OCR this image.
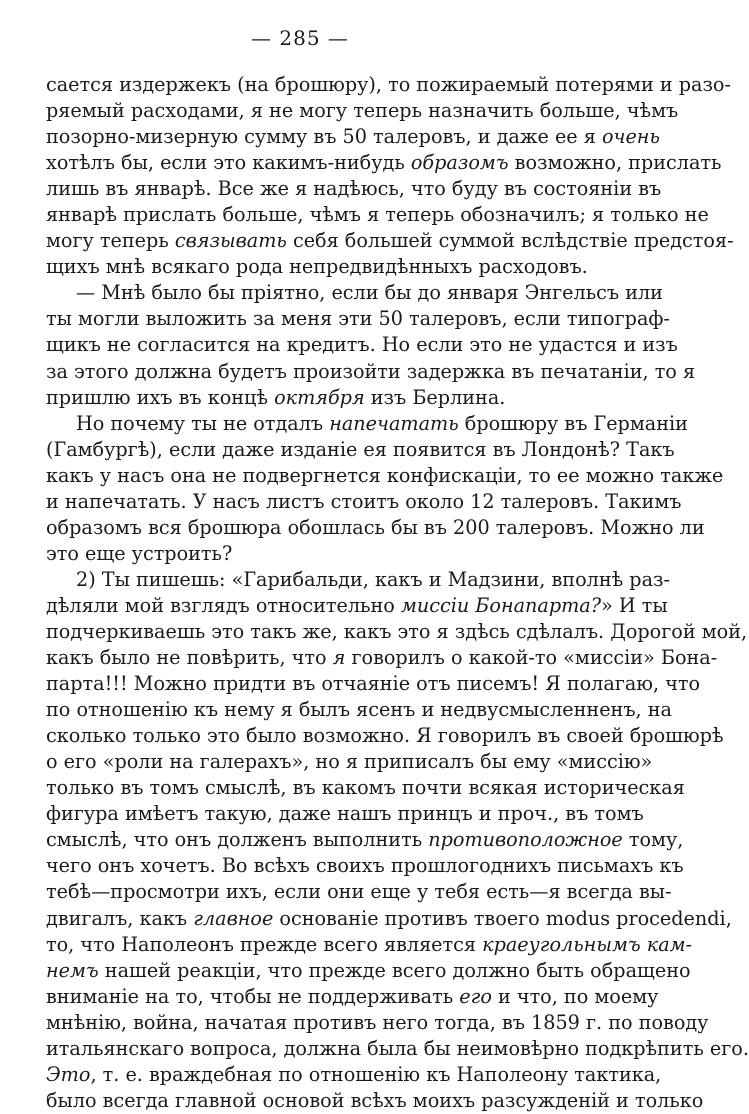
— 285 —
сается издержекъ (на брошюру), то пожираемый потерями и разо-
ряемый расходами, я не могу теперь назначить больше, чѣмъ
позорно-мизерную сумму въ 50 талеровъ, и даже ее я очень
хотѣлъ бы, если это какимъ-нибудь образомъ возможно, прислать
лишь въ январѣ. Все же я надѣюсь, что буду въ состояніи въ
январѣ прислать больше, чѣмъ я теперь обозначилъ; я только не
могу теперь связывать себя большей суммой вслѣдствіе предстоя-
щихъ мнѣ всякаго рода непредвидѣнныхъ расходовъ.
— Мнѣ было бы пріятно, если бы до января Энгельсъ или
ты могли выложить за меня эти 50 талеровъ, если типограф-
щикъ не согласится на кредитъ. Но если это не удастся и изъ
за этого должна будетъ произойти задержка въ печатаніи, то я
пришлю ихъ въ концѣ октября изъ Берлина.
Но почему ты не отдалъ напечатать брошюру въ Германіи
(Гамбургѣ), если даже изданіе ея появится въ Лондонѣ? Такъ
какъ у насъ она не подвергнется конфискаціи, то ее можно также
и напечатать. У насъ листъ стоитъ около 12 талеровъ. Такимъ
образомъ вся брошюра обошлась бы въ 200 талеровъ. Можно ли
это еще устроить?
2) Ты пишешь: «Гарибальди, какъ и Мадзини, вполнѣ раз-
дѣляли мой взглядъ относительно миссіи Бонапарта?» И ты
подчеркиваешь это такъ же, какъ это я здѣсь сдѣлалъ. Дорогой мой,
какъ было не повѣрить, что я говорилъ о какой-то «миссіи» Бона-
парта!!! Можно придти въ отчаяніе отъ писемъ! Я полагаю, что
по отношенію къ нему я былъ ясенъ и недвусмысленнeнъ, на
сколько только это было возможно. Я говорилъ въ своей брошюрѣ
о его «роли на галерахъ», но я приписалъ бы ему «миссію»
только въ томъ смыслѣ, въ какомъ почти всякая историческая
фигура имѣетъ такую, даже нашъ принцъ и проч., въ томъ
смыслѣ, что онъ долженъ выполнить противоположное тому,
чего онъ хочетъ. Во всѣхъ своихъ прошлогоднихъ письмахъ къ
тебѣ—просмотри ихъ, если они еще у тебя есть—я всегда вы-
двигалъ, какъ главное основаніе противъ твоего modus procedendi,
то, что Наполеонъ прежде всего является краеугольнымъ кам-
немъ нашей реакціи, что прежде всего должно быть обращено
вниманіе на то, чтобы не поддерживать его и что, по моему
мнѣнію, война, начатая противъ него тогда, въ 1859 г. по поводу
итальянскаго вопроса, должна была бы неимовѣрно подкрѣпить его.
Это, т. е. враждебная по отношенію къ Наполеону тактика,
было всегда главной основой всѣхъ моихъ разсужденій и только
